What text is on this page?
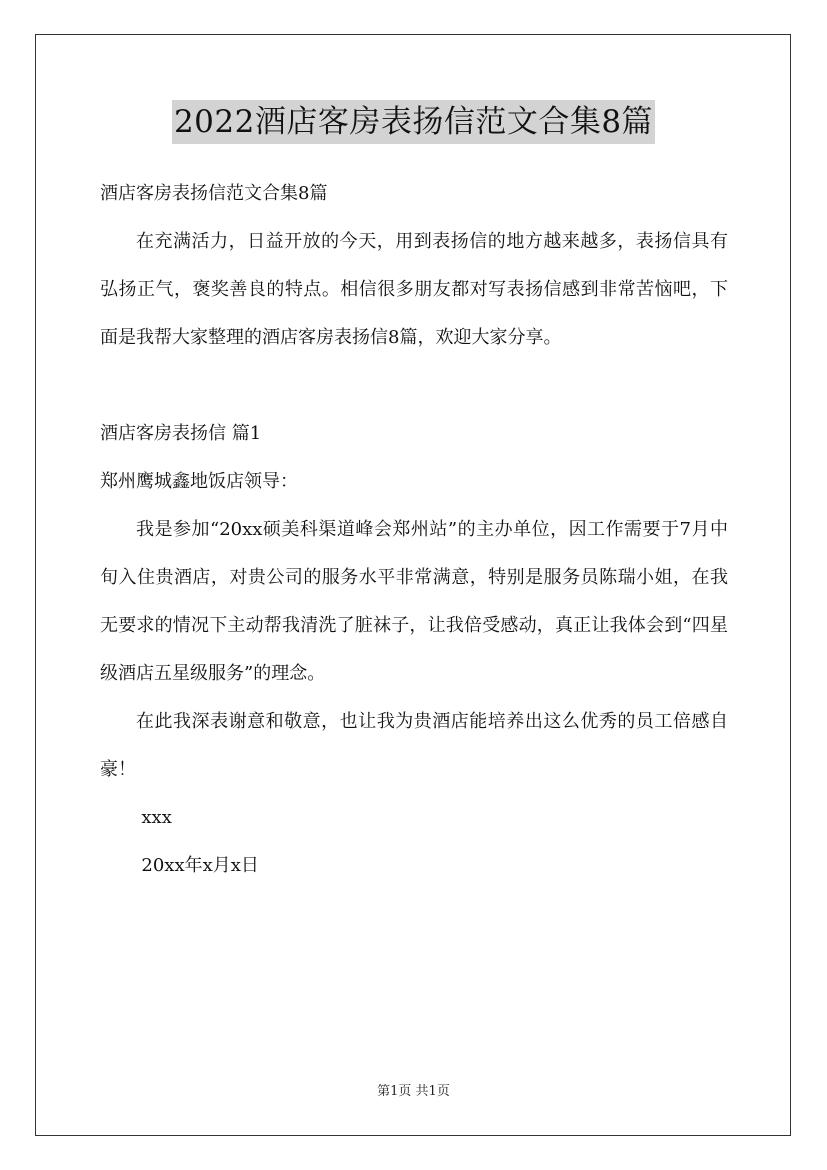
2022酒店客房表扬信范文合集8篇

酒店客房表扬信范文合集8篇

在充满活力，日益开放的今天，用到表扬信的地方越来越多，表扬信具有弘扬正气，褒奖善良的特点。相信很多朋友都对写表扬信感到非常苦恼吧，下面是我帮大家整理的酒店客房表扬信8篇，欢迎大家分享。

酒店客房表扬信 篇1

郑州鹰城鑫地饭店领导：

我是参加“20xx硕美科渠道峰会郑州站”的主办单位，因工作需要于7月中旬入住贵酒店，对贵公司的服务水平非常满意，特别是服务员陈瑞小姐，在我无要求的情况下主动帮我清洗了脏袜子，让我倍受感动，真正让我体会到“四星级酒店五星级服务”的理念。

在此我深表谢意和敬意，也让我为贵酒店能培养出这么优秀的员工倍感自豪！

xxx

20xx年x月x日

第1页 共1页
